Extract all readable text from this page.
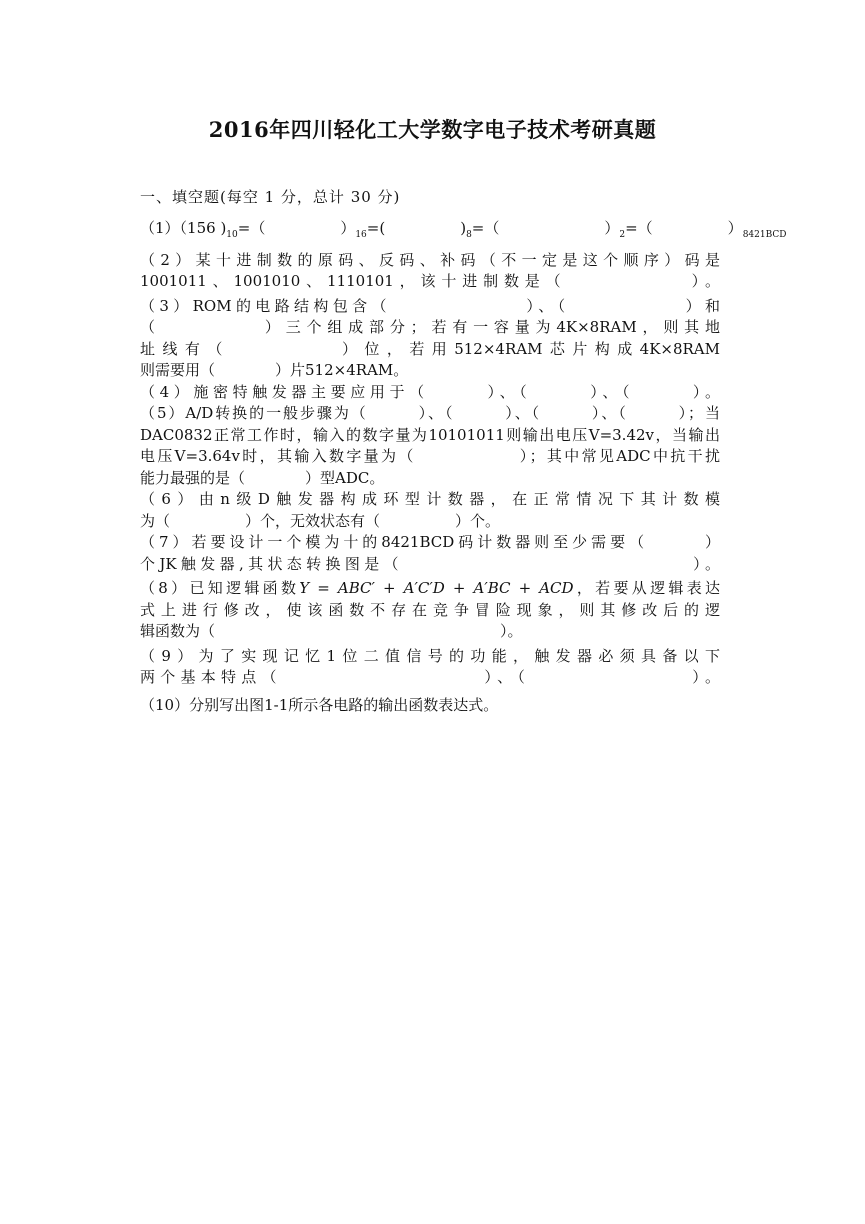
2016年四川轻化工大学数字电子技术考研真题
一、填空题(每空 1 分，总计 30 分)

（1）（156 )$_{10}=$（　　　　　）$_{16}=$(　　　　　)$_8=$（　　　　　　　）$_2=$（　　　　　）$_{8421BCD}$

（2）某十进制数的原码、反码、补码（不一定是这个顺序）码是

1001011、1001010、1110101，该十进制数是（　　　　　　）。

（3）ROM的电路结构包含（　　　　　　　）、（　　　　　　）和

（　　　　　）三个组成部分；若有一容量为4K×8RAM，则其地

址线有（　　　　　）位，若用512×4RAM芯片构成4K×8RAM

则需要用（　　　　）片512×4RAM。

（4）施密特触发器主要应用于（　　　）、（　　　）、（　　　）。

（5）A/D转换的一般步骤为（　　　）、（　　　）、（　　　）、（　　　）；当

DAC0832正常工作时，输入的数字量为10101011则输出电压V=3.42v，当输出

电压V=3.64v时，其输入数字量为（　　　　　　）；其中常见ADC中抗干扰

能力最强的是（　　　　）型ADC。

（6）由n级D触发器构成环型计数器，在正常情况下其计数模

为（　　　　　）个，无效状态有（　　　　　）个。

（7）若要设计一个模为十的8421BCD码计数器则至少需要（　　　）

个JK触发器,其状态转换图是（　　　　　　　　　　　　　　　）。

（8）已知逻辑函数Y = ABC′ + A′C′D + A′BC + ACD，若要从逻辑表达

式上进行修改，使该函数不存在竞争冒险现象，则其修改后的逻

辑函数为（　　　　　　　　　　　　　　　　　　　）。

（9）为了实现记忆1位二值信号的功能，触发器必须具备以下

两个基本特点（　　　　　　　　　　）、（　　　　　　　　）。

（10）分别写出图1-1所示各电路的输出函数表达式。
